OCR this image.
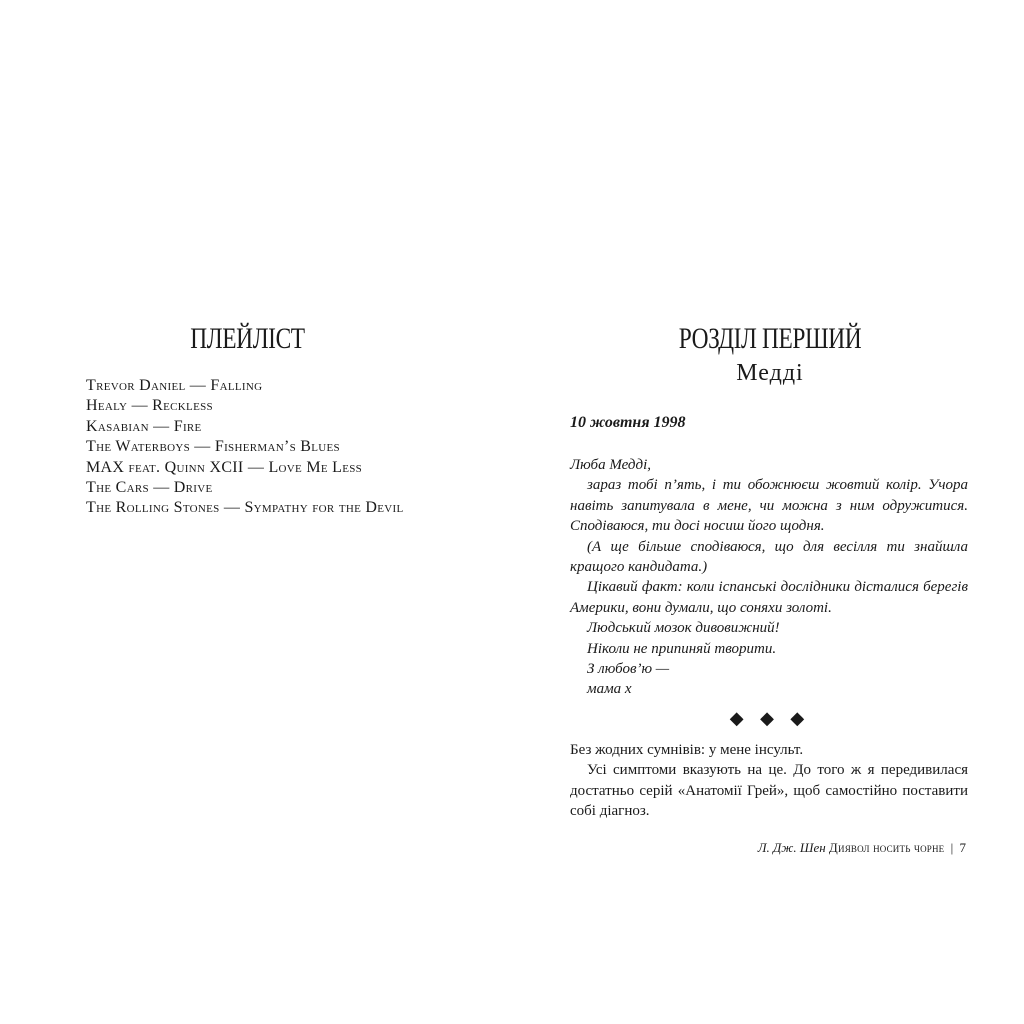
ПЛЕЙЛІСТ
Trevor Daniel — Falling
Healy — Reckless
Kasabian — Fire
The Waterboys — Fisherman’s Blues
MAX feat. Quinn XCII — Love Me Less
The Cars — Drive
The Rolling Stones — Sympathy for the Devil
РОЗДІЛ ПЕРШИЙ
Медді
10 жовтня 1998

Люба Медді,

зараз тобі п’ять, і ти обожнюєш жовтий колір. Учора навіть запитувала в мене, чи можна з ним одружитися. Сподіваюся, ти досі носиш його щодня.

(А ще більше сподіваюся, що для весілля ти знайшла кращого кандидата.)

Цікавий факт: коли іспанські дослідники дісталися берегів Америки, вони думали, що соняхи золоті.

Людський мозок дивовижний!

Ніколи не припиняй творити.

З любов’ю —

мама х

◆ ◆ ◆

Без жодних сумнівів: у мене інсульт.

Усі симптоми вказують на це. До того ж я передивилася достатньо серій «Анатомії Грей», щоб самостійно поставити собі діагноз.

Л. Дж. Шен Диявол носить чорне | 7
